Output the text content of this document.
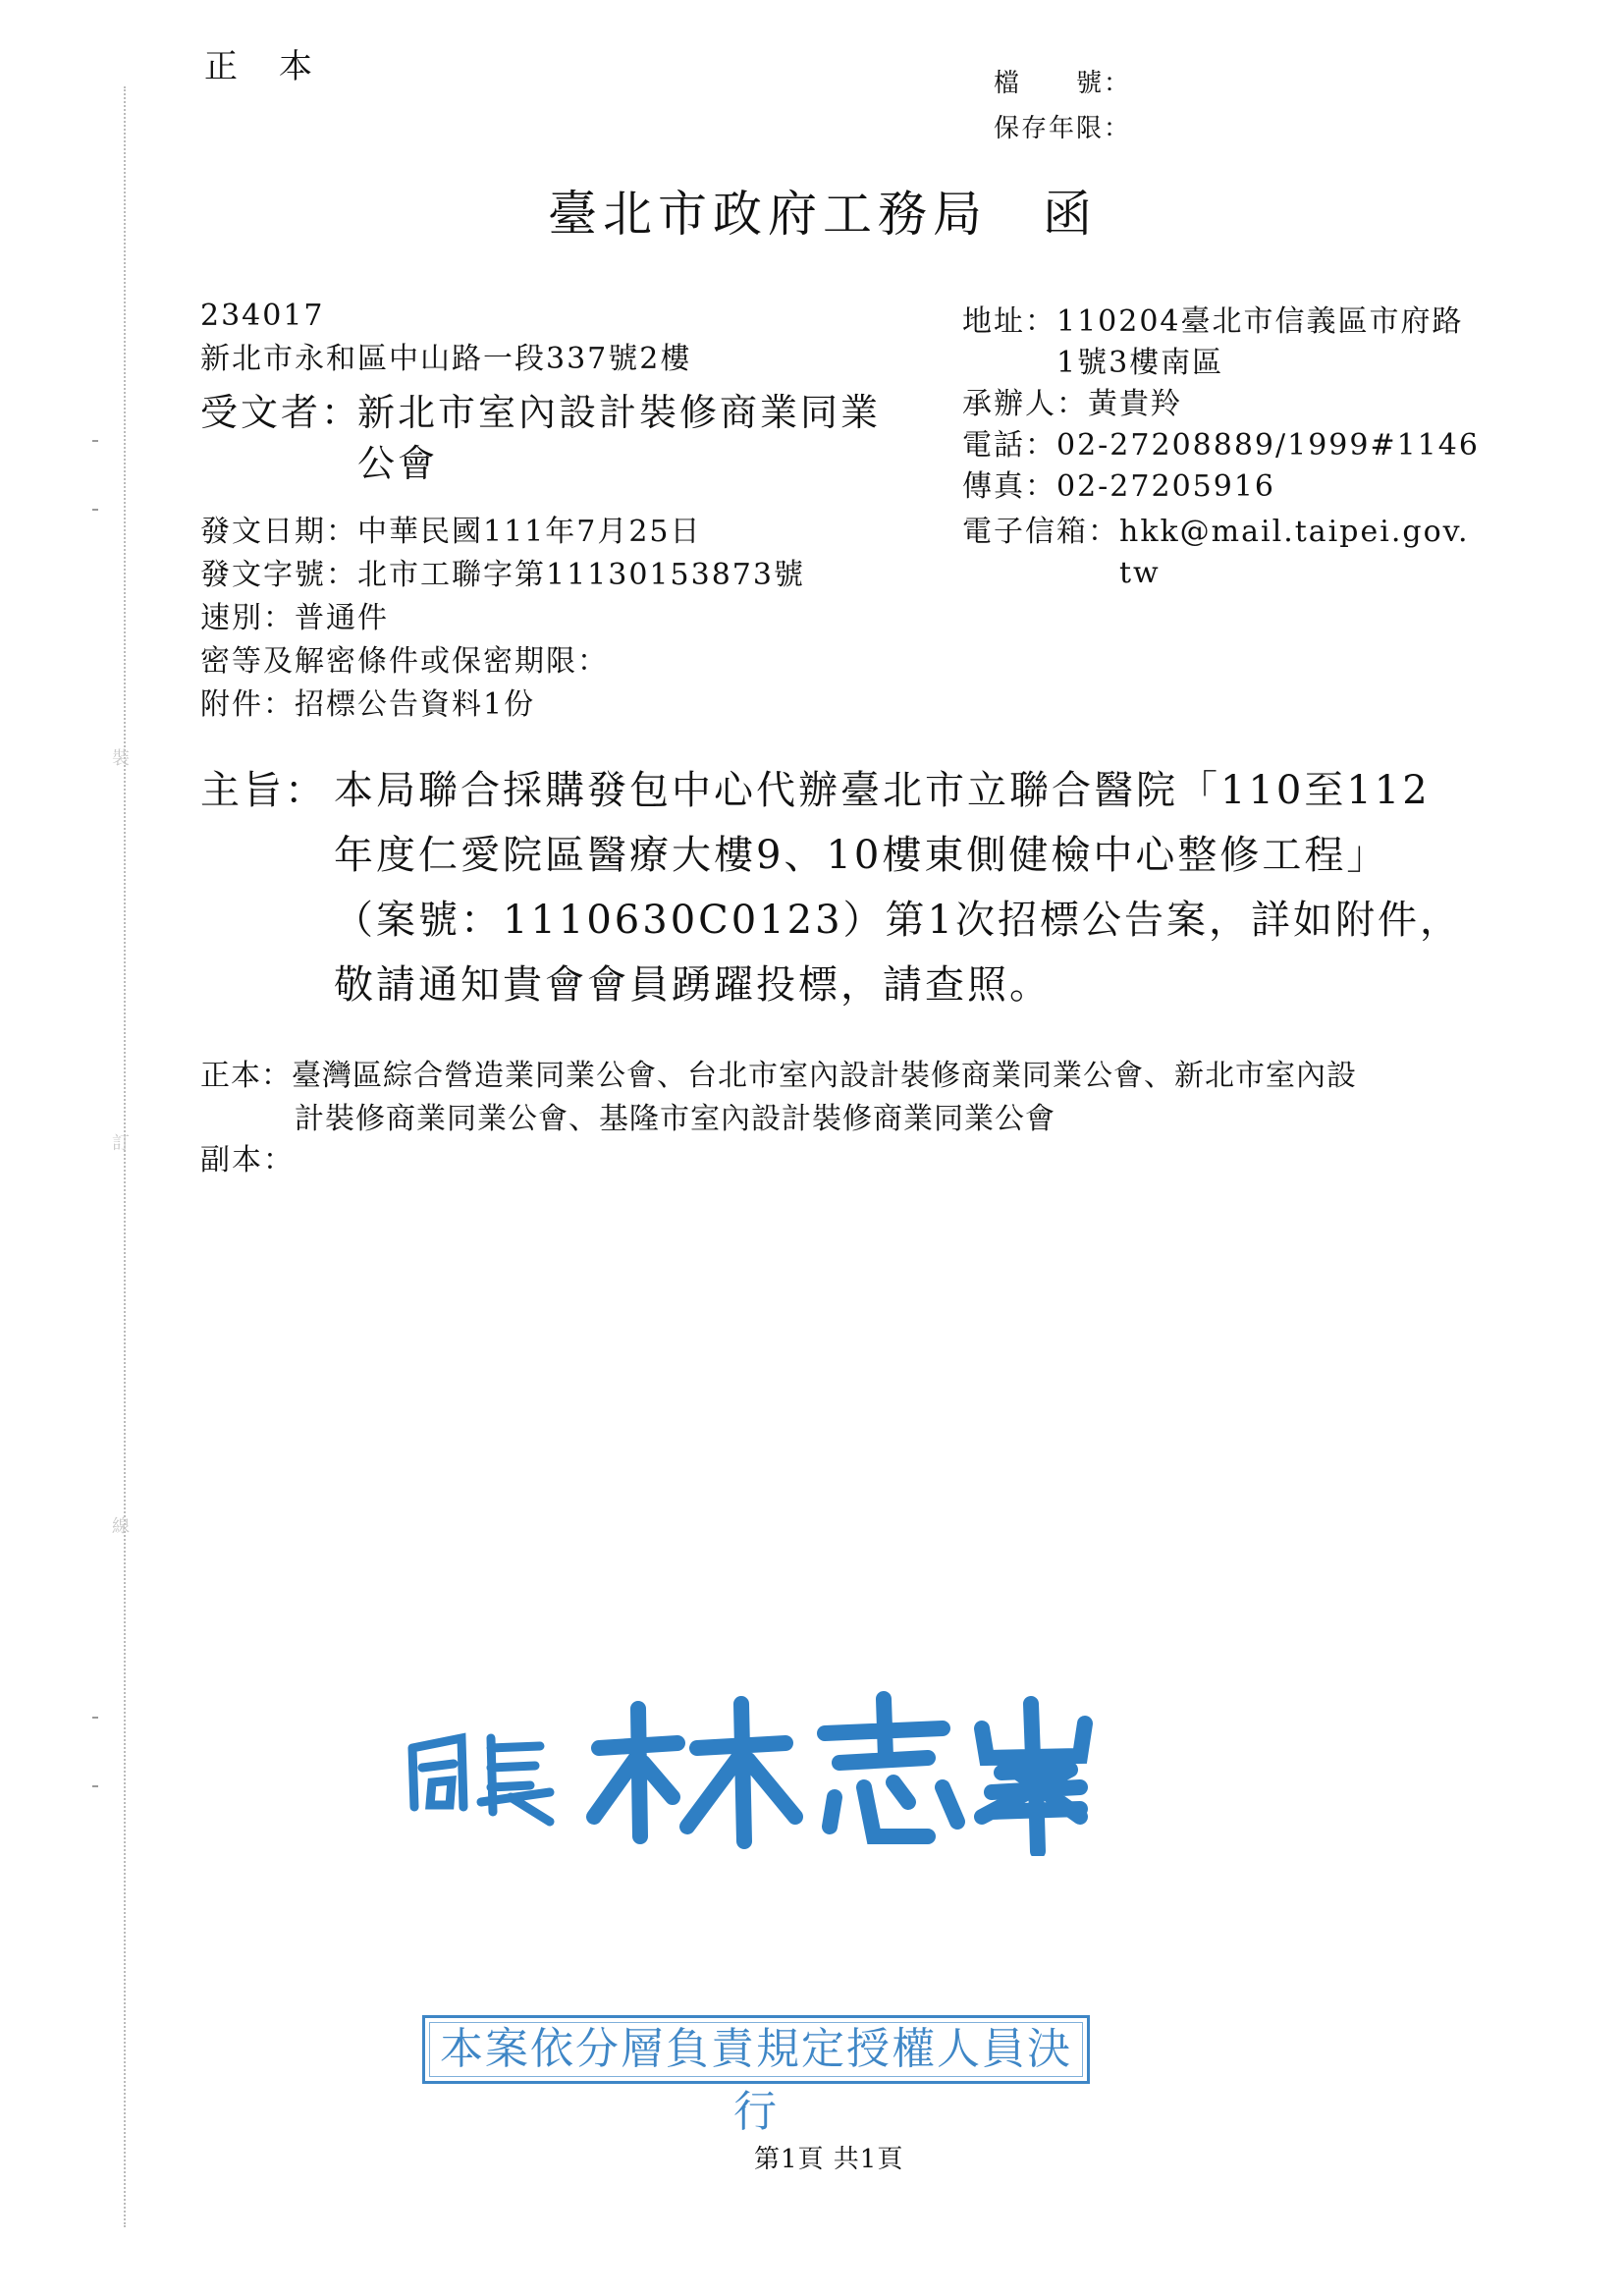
裝
訂
線
正　本	檔　　號：
保存年限：
臺北市政府工務局　函
234017
新北市永和區中山路一段337號2樓
受文者：
新北市室內設計裝修商業同業
公會
地址：110204臺北市信義區市府路
1號3樓南區
承辦人：黃貴羚
電話：02-27208889/1999#1146
傳真：02-27205916
電子信箱：hkk@mail.taipei.gov.
tw
發文日期：中華民國111年7月25日
發文字號：北市工聯字第11130153873號
速別：普通件
密等及解密條件或保密期限：
附件：招標公告資料1份
主旨： 本局聯合採購發包中心代辦臺北市立聯合醫院「110至112
年度仁愛院區醫療大樓9、10樓東側健檢中心整修工程」
（案號：1110630C0123）第1次招標公告案，詳如附件，
敬請通知貴會會員踴躍投標，請查照。
正本：臺灣區綜合營造業同業公會、台北市室內設計裝修商業同業公會、新北市室內設
計裝修商業同業公會、基隆市室內設計裝修商業同業公會
副本：
本案依分層負責規定授權人員決行
第1頁 共1頁
